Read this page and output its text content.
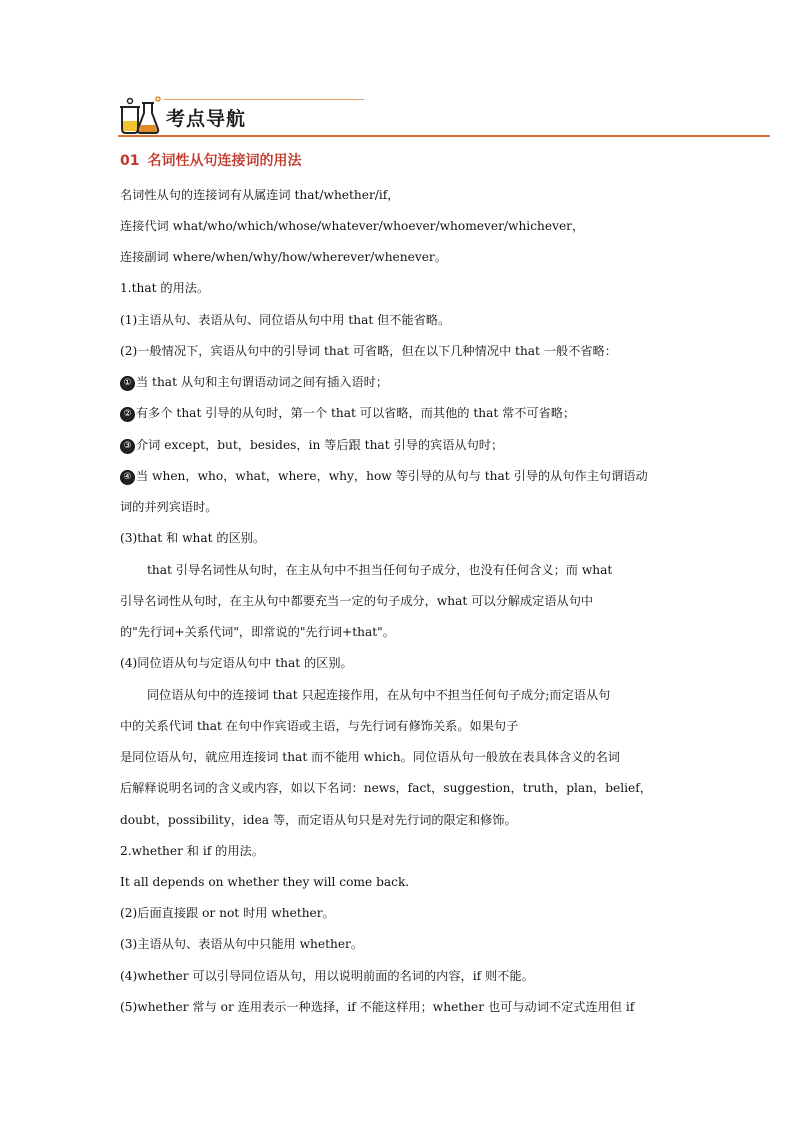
考点导航
01 名词性从句连接词的用法
名词性从句的连接词有从属连词 that/whether/if，
连接代词 what/who/which/whose/whatever/whoever/whomever/whichever，
连接副词 where/when/why/how/wherever/whenever。
1.that 的用法。
(1)主语从句、表语从句、同位语从句中用 that 但不能省略。
(2)一般情况下，宾语从句中的引导词 that 可省略，但在以下几种情况中 that 一般不省略：
① 当 that 从句和主句谓语动词之间有插入语时；
② 有多个 that 引导的从句时，第一个 that 可以省略，而其他的 that 常不可省略；
③ 介词 except，but，besides，in 等后跟 that 引导的宾语从句时；
④ 当 when，who，what，where，why，how 等引导的从句与 that 引导的从句作主句谓语动
词的并列宾语时。
(3)that 和 what 的区别。
that 引导名词性从句时，在主从句中不担当任何句子成分，也没有任何含义；而 what
引导名词性从句时，在主从句中都要充当一定的句子成分，what 可以分解成定语从句中
的"先行词+关系代词"，即常说的"先行词+that"。
(4)同位语从句与定语从句中 that 的区别。
同位语从句中的连接词 that 只起连接作用，在从句中不担当任何句子成分;而定语从句
中的关系代词 that 在句中作宾语或主语，与先行词有修饰关系。如果句子
是同位语从句，就应用连接词 that 而不能用 which。同位语从句一般放在表具体含义的名词
后解释说明名词的含义或内容，如以下名词：news，fact，suggestion，truth，plan，belief，
doubt，possibility，idea 等，而定语从句只是对先行词的限定和修饰。
2.whether 和 if 的用法。
It all depends on whether they will come back.
(2)后面直接跟 or not 时用 whether。
(3)主语从句、表语从句中只能用 whether。
(4)whether 可以引导同位语从句，用以说明前面的名词的内容，if 则不能。
(5)whether 常与 or 连用表示一种选择，if 不能这样用；whether 也可与动词不定式连用但 if
